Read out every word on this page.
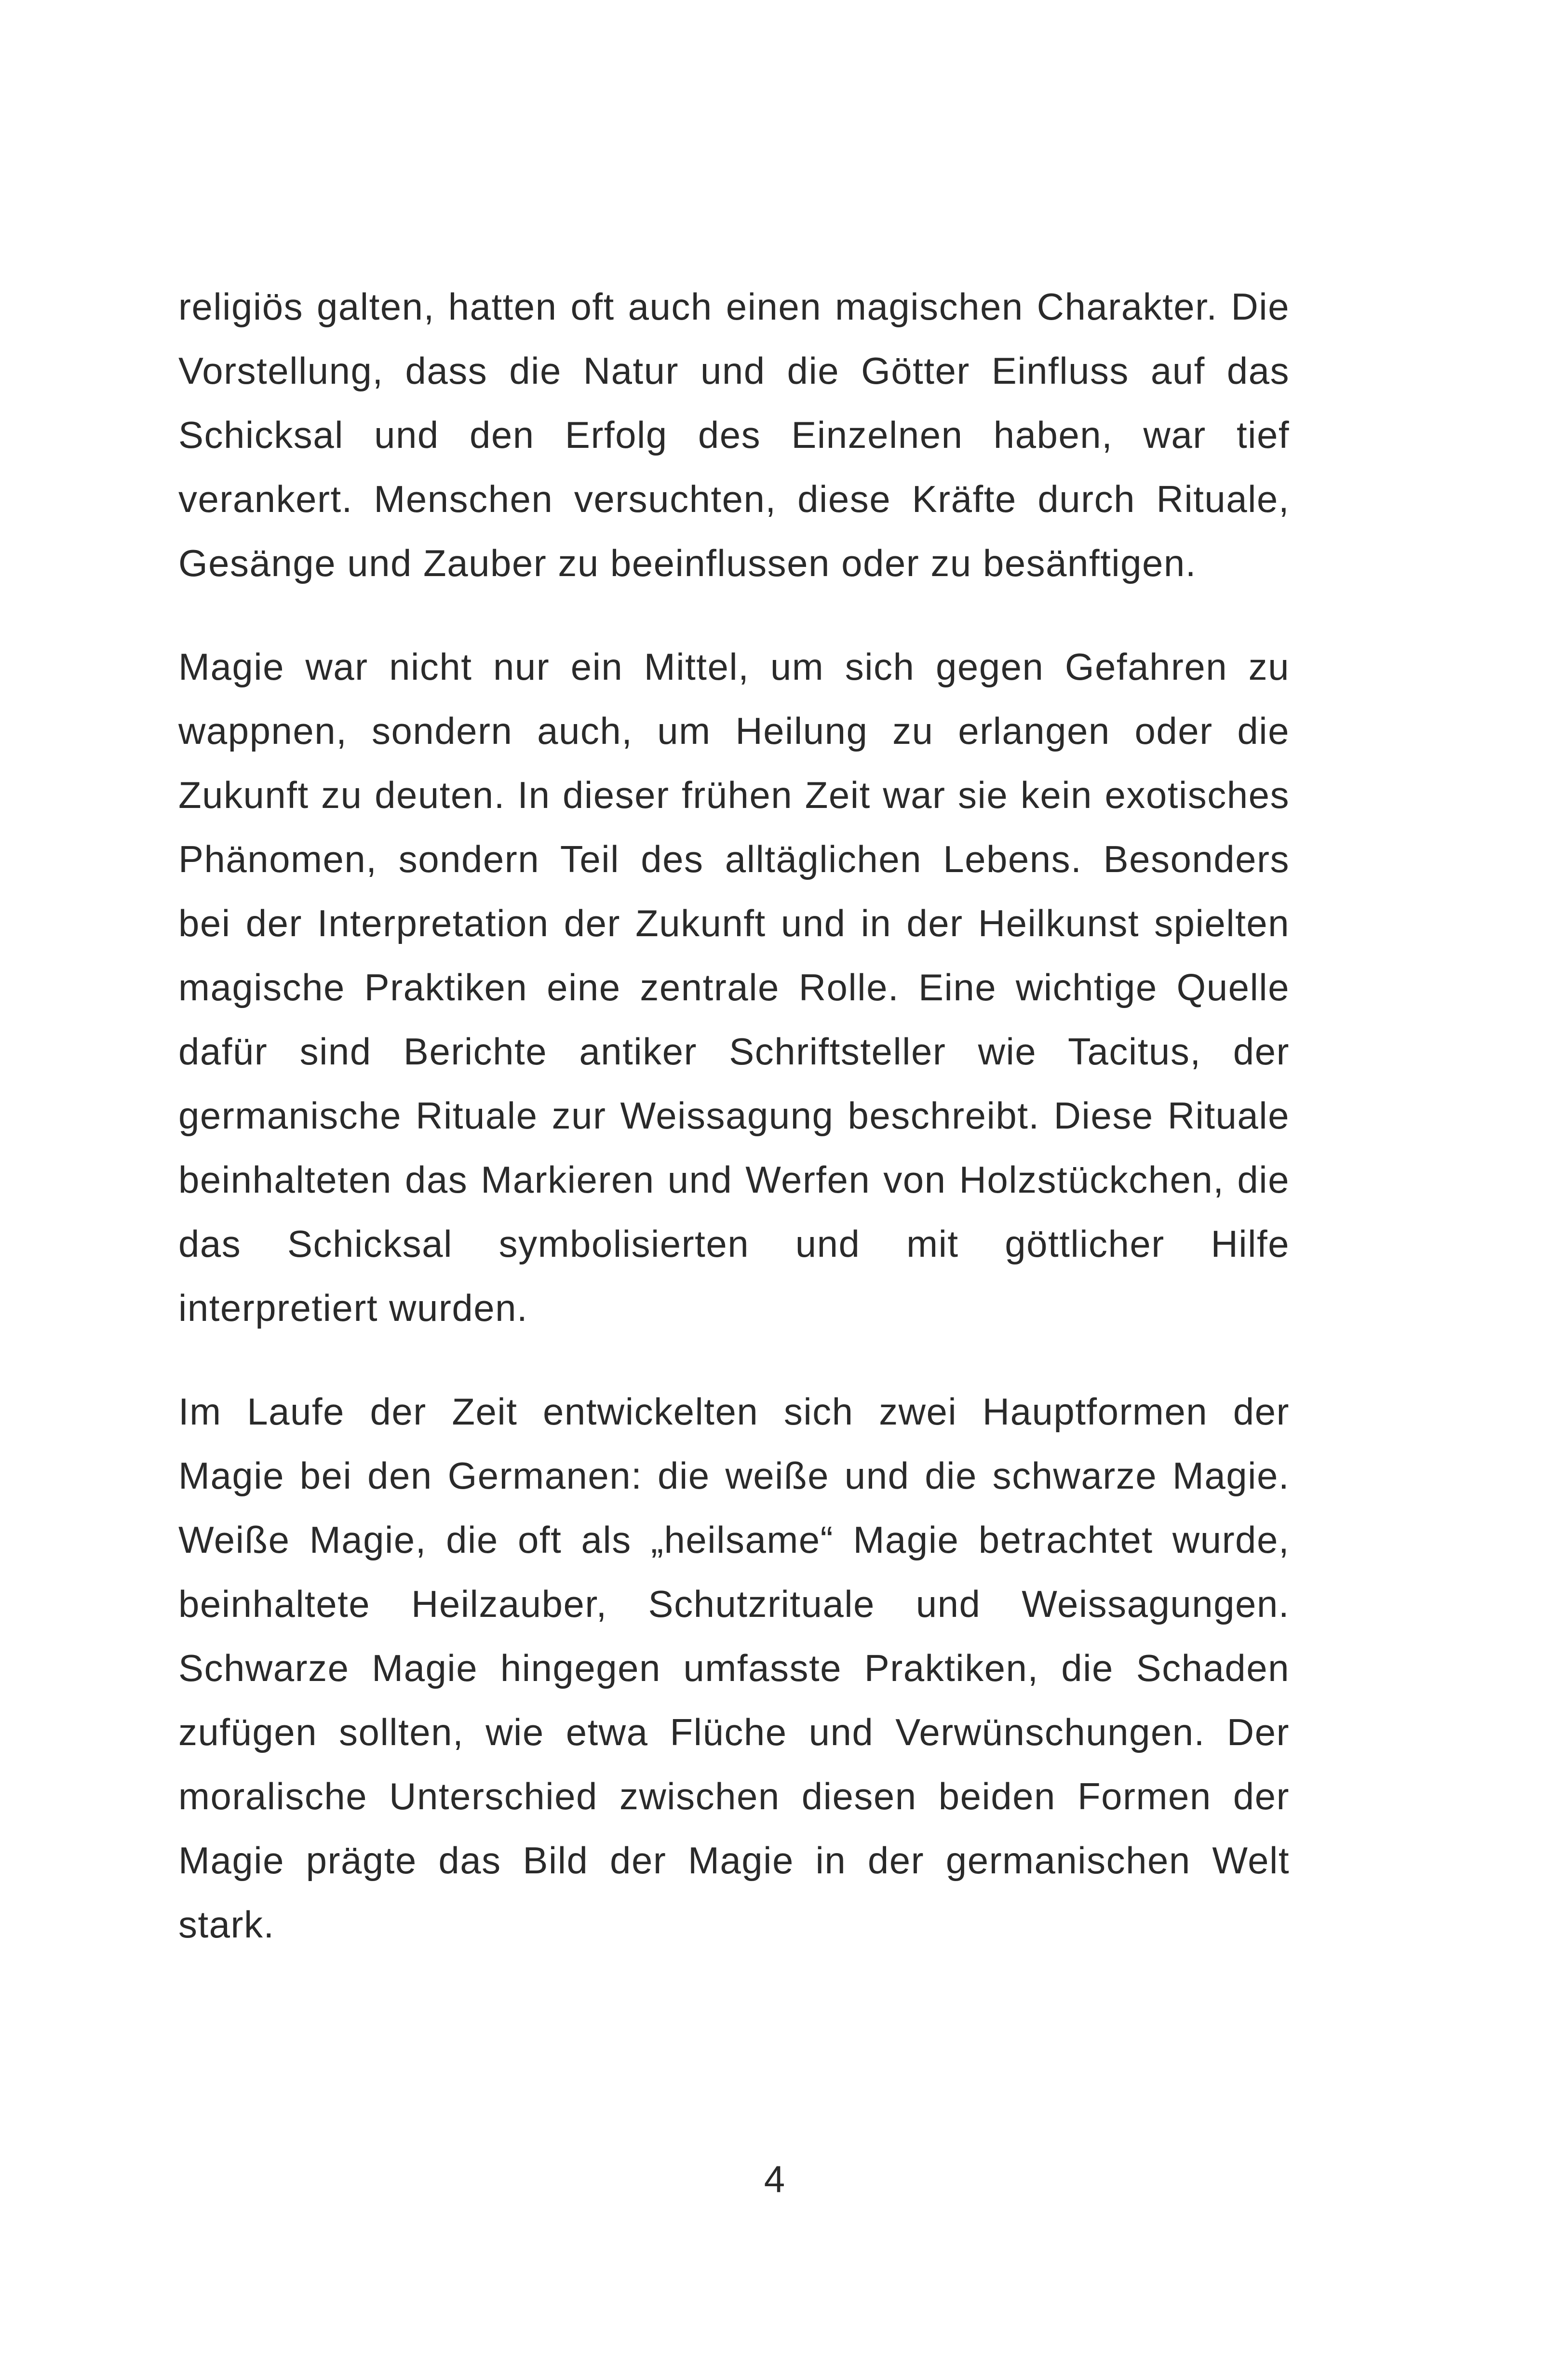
religiös galten, hatten oft auch einen magischen Charakter. Die Vorstellung, dass die Natur und die Götter Einfluss auf das Schicksal und den Erfolg des Einzelnen haben, war tief verankert. Menschen versuchten, diese Kräfte durch Rituale, Gesänge und Zauber zu beeinflussen oder zu besänftigen.

Magie war nicht nur ein Mittel, um sich gegen Gefahren zu wappnen, sondern auch, um Heilung zu erlangen oder die Zukunft zu deuten. In dieser frühen Zeit war sie kein exotisches Phänomen, sondern Teil des alltäglichen Lebens. Besonders bei der Interpretation der Zukunft und in der Heilkunst spielten magische Praktiken eine zentrale Rolle. Eine wichtige Quelle dafür sind Berichte antiker Schriftsteller wie Tacitus, der germanische Rituale zur Weissagung beschreibt. Diese Rituale beinhalteten das Markieren und Werfen von Holzstückchen, die das Schicksal symbolisierten und mit göttlicher Hilfe interpretiert wurden.

Im Laufe der Zeit entwickelten sich zwei Hauptformen der Magie bei den Germanen: die weiße und die schwarze Magie. Weiße Magie, die oft als „heilsame“ Magie betrachtet wurde, beinhaltete Heilzauber, Schutzrituale und Weissagungen. Schwarze Magie hingegen umfasste Praktiken, die Schaden zufügen sollten, wie etwa Flüche und Verwünschungen. Der moralische Unterschied zwischen diesen beiden Formen der Magie prägte das Bild der Magie in der germanischen Welt stark.

4
